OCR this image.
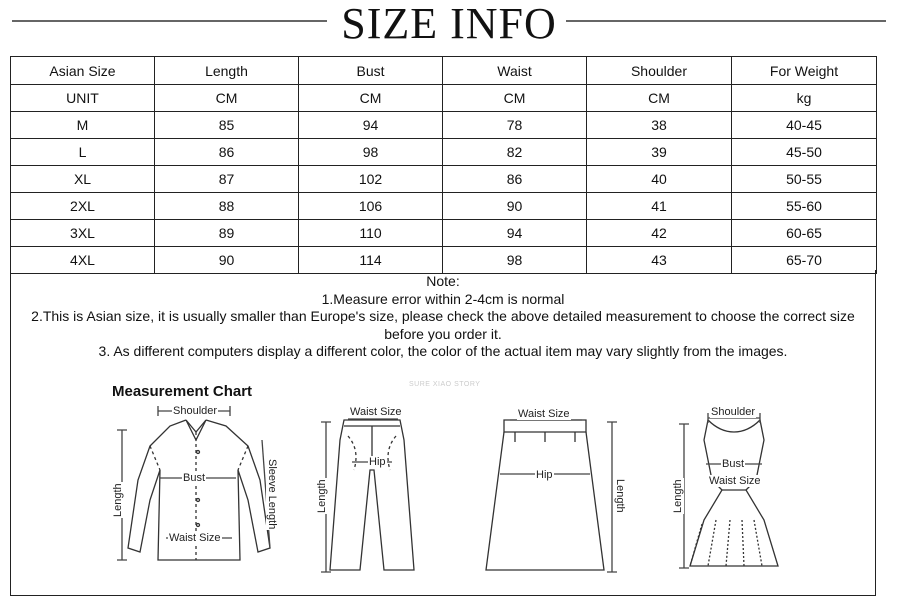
SIZE INFO
Asian Size	Length	Bust	Waist	Shoulder	For Weight
UNIT	CM	CM	CM	CM	kg
M	85	94	78	38	40-45
L	86	98	82	39	45-50
XL	87	102	86	40	50-55
2XL	88	106	90	41	55-60
3XL	89	110	94	42	60-65
4XL	90	114	98	43	65-70
Note:
1.Measure error within 2-4cm is normal
2.This is Asian size, it is usually smaller than Europe's size, please check the above detailed measurement to choose the correct size
before you order it.
3. As different computers display a different color, the color of the actual item may vary slightly from the images.
Measurement Chart	SURE XIAO STORY
Shoulder
Bust
Waist Size
Length	Sleeve Length
Waist Size
Hip
Length
Waist Size
Hip
Length
Shoulder
Bust
Waist Size
Length
